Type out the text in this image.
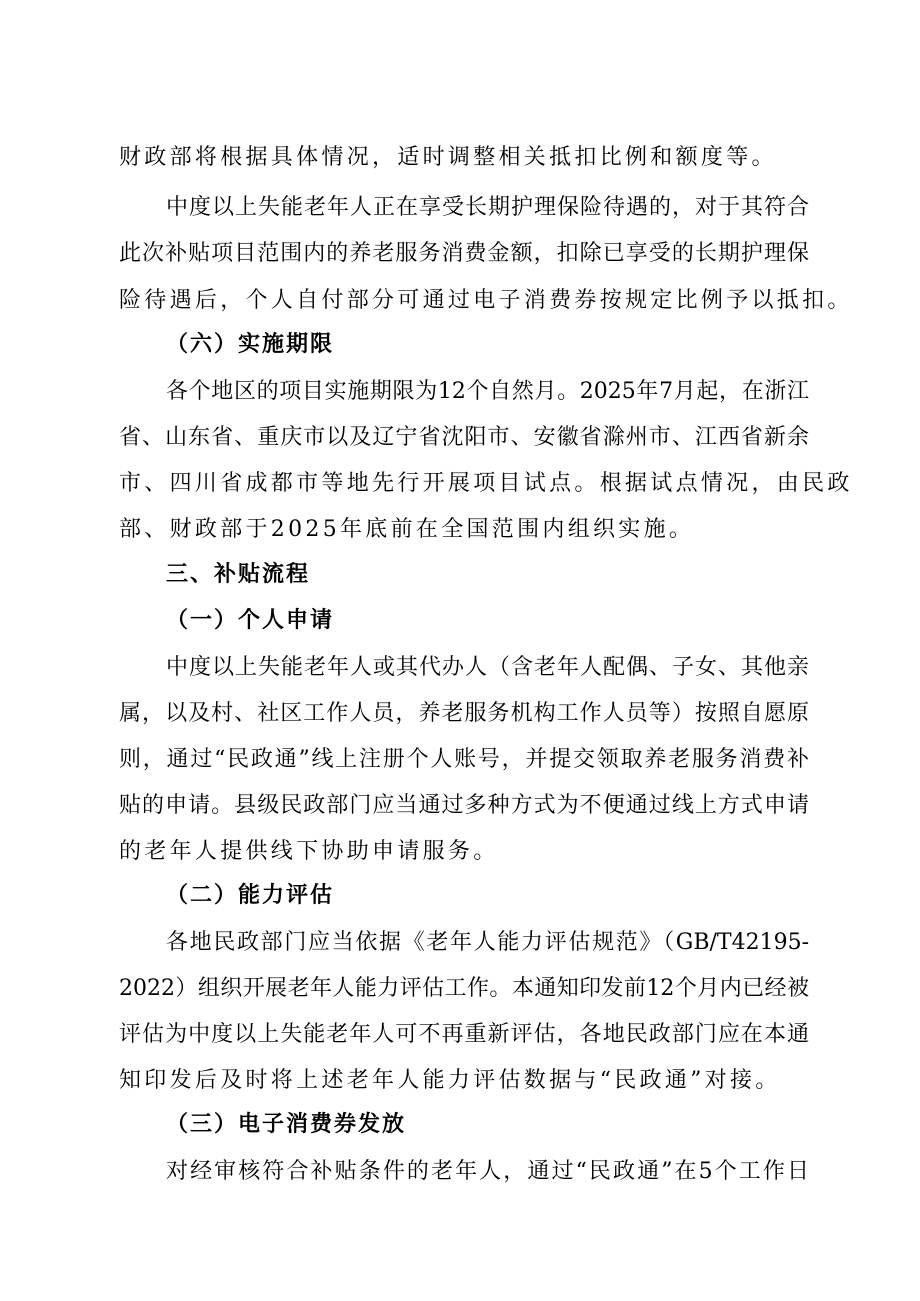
财政部将根据具体情况，适时调整相关抵扣比例和额度等。
中度以上失能老年人正在享受长期护理保险待遇的，对于其符合
此次补贴项目范围内的养老服务消费金额，扣除已享受的长期护理保
险待遇后，个人自付部分可通过电子消费券按规定比例予以抵扣。
（六）实施期限
各个地区的项目实施期限为12个自然月。2025年7月起，在浙江
省、山东省、重庆市以及辽宁省沈阳市、安徽省滁州市、江西省新余
市、四川省成都市等地先行开展项目试点。根据试点情况，由民政
部、财政部于2025年底前在全国范围内组织实施。
三、补贴流程
（一）个人申请
中度以上失能老年人或其代办人（含老年人配偶、子女、其他亲
属，以及村、社区工作人员，养老服务机构工作人员等）按照自愿原
则，通过“民政通”线上注册个人账号，并提交领取养老服务消费补
贴的申请。县级民政部门应当通过多种方式为不便通过线上方式申请
的老年人提供线下协助申请服务。
（二）能力评估
各地民政部门应当依据《老年人能力评估规范》（GB/T42195-
2022）组织开展老年人能力评估工作。本通知印发前12个月内已经被
评估为中度以上失能老年人可不再重新评估，各地民政部门应在本通
知印发后及时将上述老年人能力评估数据与“民政通”对接。
（三）电子消费券发放
对经审核符合补贴条件的老年人，通过“民政通”在5个工作日
